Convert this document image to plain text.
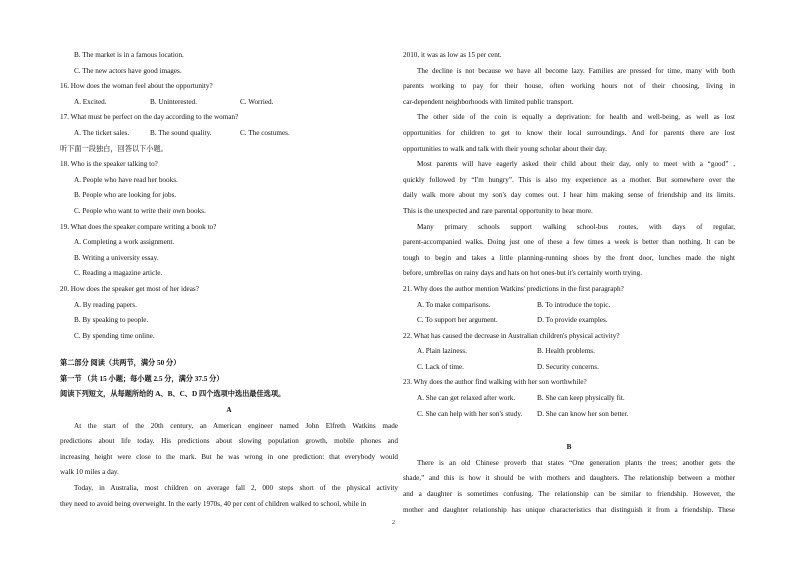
B. The market is in a famous location.
C. The new actors have good images.
16. How does the woman feel about the opportunity?
A. Excited.	B. Uninterested.	C. Worried.
17. What must be perfect on the day according to the woman?
A. The ticket sales.	B. The sound quality.	C. The costumes.
听下面一段独白，回答以下小题。
18. Who is the speaker talking to?
A. People who have read her books.
B. People who are looking for jobs.
C. People who want to write their own books.
19. What does the speaker compare writing a book to?
A. Completing a work assignment.
B. Writing a university essay.
C. Reading a magazine article.
20. How does the speaker get most of her ideas?
A. By reading papers.
B. By speaking to people.
C. By spending time online.
第二部分 阅读（共两节，满分 50 分）
第一节 （共 15 小题；每小题 2.5 分，满分 37.5 分）
阅读下列短文，从每题所给的 A、B、C、D 四个选项中选出最佳选项。
A
At the start of the 20th century, an American engineer named John Elfreth Watkins made
predictions about life today. His predictions about slowing population growth, mobile phones and
increasing height were close to the mark. But he was wrong in one prediction: that everybody would
walk 10 miles a day.
Today, in Australia, most children on average fall 2, 000 steps short of the physical activity
they need to avoid being overweight. In the early 1970s, 40 per cent of children walked to school, while in
2010, it was as low as 15 per cent.
The decline is not because we have all become lazy. Families are pressed for time, many with both
parents working to pay for their house, often working hours not of their choosing, living in
car-dependent neighborhoods with limited public transport.
The other side of the coin is equally a deprivation: for health and well-being, as well as lost
opportunities for children to get to know their local surroundings. And for parents there are lost
opportunities to walk and talk with their young scholar about their day.
Most parents will have eagerly asked their child about their day, only to meet with a “good” ,
quickly followed by “I'm hungry”. This is also my experience as a mother. But somewhere over the
daily walk more about my son's day comes out. I hear him making sense of friendship and its limits.
This is the unexpected and rare parental opportunity to hear more.
Many primary schools support walking school-bus routes, with days of regular,
parent-accompanied walks. Doing just one of these a few times a week is better than nothing. It can be
tough to begin and takes a little planning-running shoes by the front door, lunches made the night
before, umbrellas on rainy days and hats on hot ones-but it's certainly worth trying.
21. Why does the author mention Watkins' predictions in the first paragraph?
A. To make comparisons.	B. To introduce the topic.
C. To support her argument.	D. To provide examples.
22. What has caused the decrease in Australian children's physical activity?
A. Plain laziness.	B. Health problems.
C. Lack of time.	D. Security concerns.
23. Why does the author find walking with her son worthwhile?
A. She can get relaxed after work.	B. She can keep physically fit.
C. She can help with her son's study.	D. She can know her son better.
B
There is an old Chinese proverb that states “One generation plants the trees; another gets the
shade,” and this is how it should be with mothers and daughters. The relationship between a mother
and a daughter is sometimes confusing. The relationship can be similar to friendship. However, the
mother and daughter relationship has unique characteristics that distinguish it from a friendship. These
2
